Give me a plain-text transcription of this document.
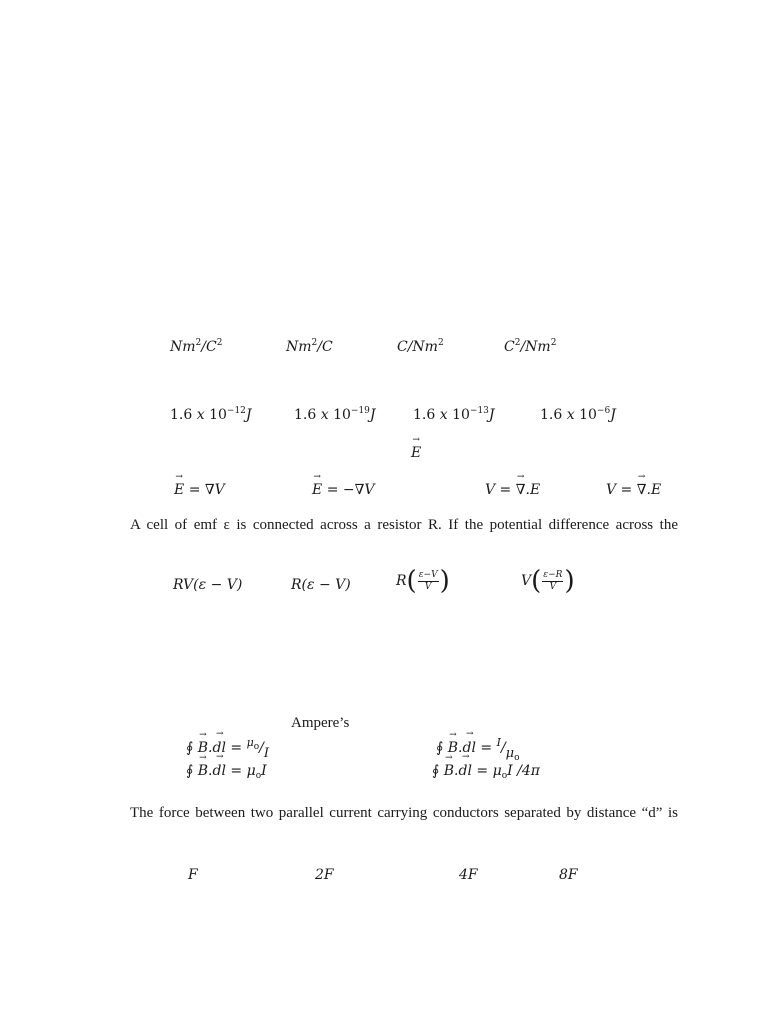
$Nm^2/C^2$	Nm$^2$/C	C/Nm$^2$	$C^2/Nm^2$
1.6 x $10^{-12}J$	1.6 x $10^{-19}J$	1.6 x $10^{-13}J$	1.6 x $10^{-6}J$
→ E
→ E = ∇V	→ E = −∇V	V = → ∇.E	V = → ∇.E
A cell of emf ε is connected across a resistor R. If the potential difference across the
RV(ε − V)	R(ε − V)	R ( $\frac{\varepsilon-V}{V}$ )	V ( $\frac{\varepsilon-R}{V}$ )
Ampere’s
∮ → B.→ dl = $^{\mu_o}$/I	∮ → B.→ dl = $^I/\mu_o$
∮ → B.→ dl = $\mu_oI$	∮ → B.→ dl = $\mu_oI$ /4π
The force between two parallel current carrying conductors separated by distance “d” is
F	2F	4F	8F
